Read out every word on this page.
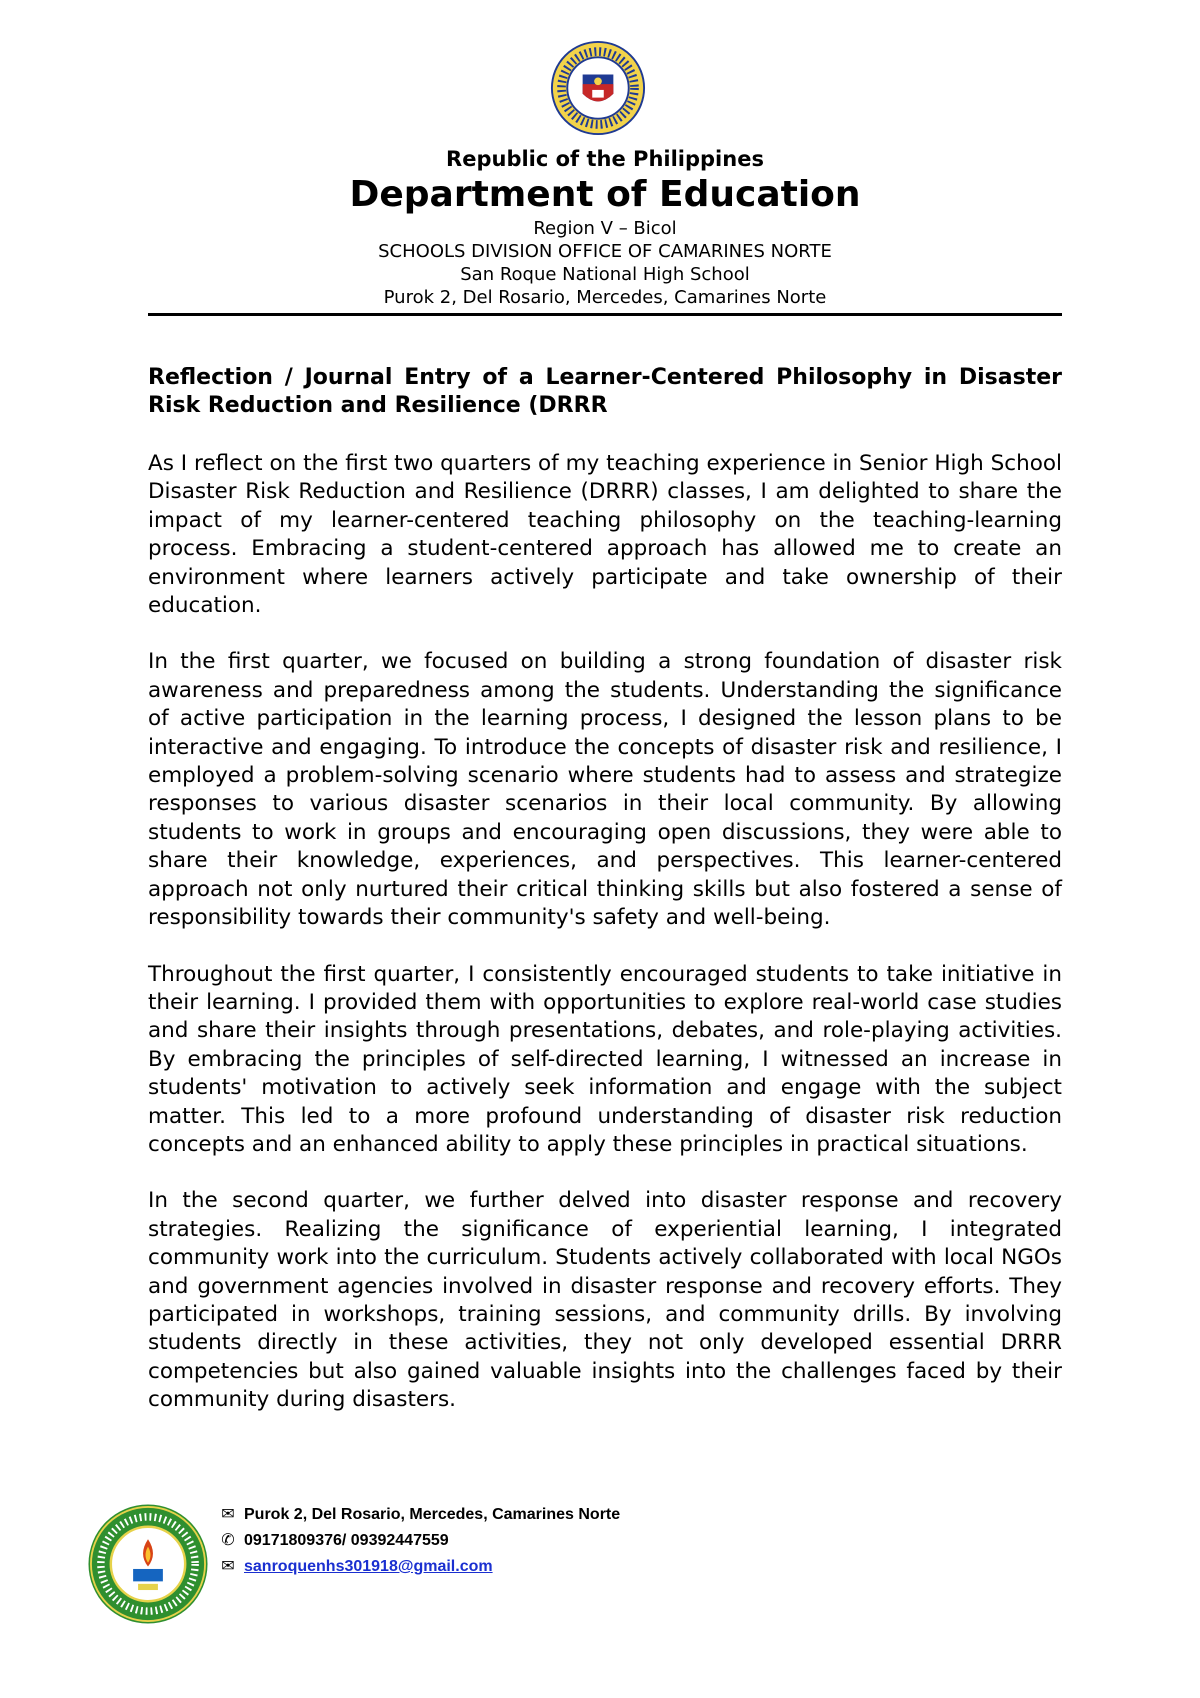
Republic of the Philippines
Department of Education
Region V – Bicol
SCHOOLS DIVISION OFFICE OF CAMARINES NORTE
San Roque National High School
Purok 2, Del Rosario, Mercedes, Camarines Norte

Reflection / Journal Entry of a Learner-Centered Philosophy in Disaster Risk Reduction and Resilience (DRRR

As I reflect on the first two quarters of my teaching experience in Senior High School Disaster Risk Reduction and Resilience (DRRR) classes, I am delighted to share the impact of my learner-centered teaching philosophy on the teaching-learning process. Embracing a student-centered approach has allowed me to create an environment where learners actively participate and take ownership of their education.

In the first quarter, we focused on building a strong foundation of disaster risk awareness and preparedness among the students. Understanding the significance of active participation in the learning process, I designed the lesson plans to be interactive and engaging. To introduce the concepts of disaster risk and resilience, I employed a problem-solving scenario where students had to assess and strategize responses to various disaster scenarios in their local community. By allowing students to work in groups and encouraging open discussions, they were able to share their knowledge, experiences, and perspectives. This learner-centered approach not only nurtured their critical thinking skills but also fostered a sense of responsibility towards their community's safety and well-being.

Throughout the first quarter, I consistently encouraged students to take initiative in their learning. I provided them with opportunities to explore real-world case studies and share their insights through presentations, debates, and role-playing activities. By embracing the principles of self-directed learning, I witnessed an increase in students' motivation to actively seek information and engage with the subject matter. This led to a more profound understanding of disaster risk reduction concepts and an enhanced ability to apply these principles in practical situations.

In the second quarter, we further delved into disaster response and recovery strategies. Realizing the significance of experiential learning, I integrated community work into the curriculum. Students actively collaborated with local NGOs and government agencies involved in disaster response and recovery efforts. They participated in workshops, training sessions, and community drills. By involving students directly in these activities, they not only developed essential DRRR competencies but also gained valuable insights into the challenges faced by their community during disasters.

✉ Purok 2, Del Rosario, Mercedes, Camarines Norte
✆ 09171809376/ 09392447559
✉ sanroquenhs301918@gmail.com
